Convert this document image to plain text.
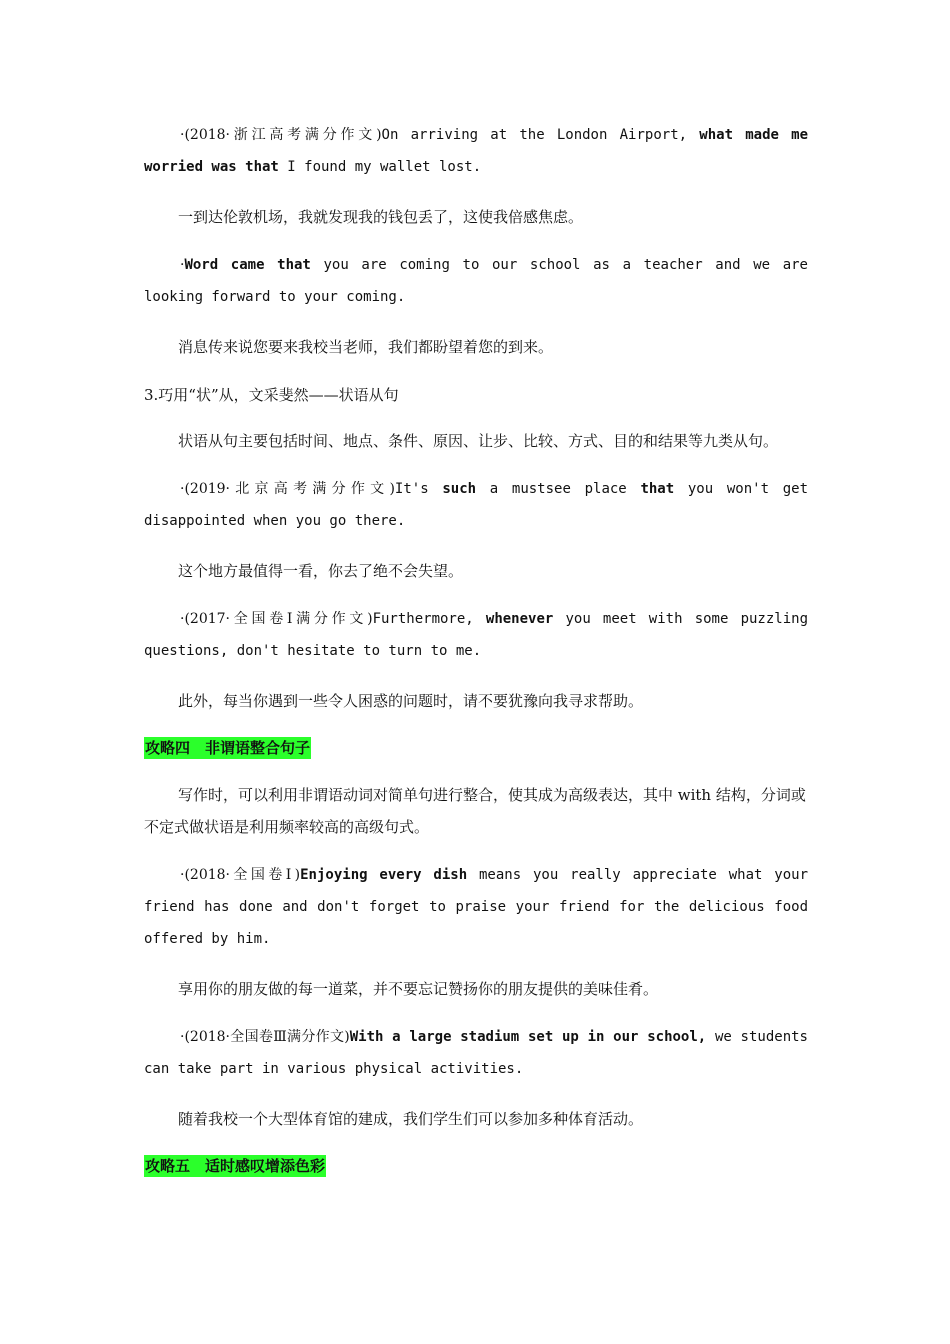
·(2018·浙江高考满分作文)On arriving at the London Airport, what made me worried was that I found my wallet lost.

一到达伦敦机场，我就发现我的钱包丢了，这使我倍感焦虑。

·Word came that you are coming to our school as a teacher and we are looking forward to your coming.

消息传来说您要来我校当老师，我们都盼望着您的到来。

3.巧用“状”从，文采斐然——状语从句

状语从句主要包括时间、地点、条件、原因、让步、比较、方式、目的和结果等九类从句。

·(2019·北京高考满分作文)It's such a mustsee place that you won't get disappointed when you go there.

这个地方最值得一看，你去了绝不会失望。

·(2017·全国卷Ⅰ满分作文)Furthermore, whenever you meet with some puzzling questions, don't hesitate to turn to me.

此外，每当你遇到一些令人困惑的问题时，请不要犹豫向我寻求帮助。

攻略四　非谓语整合句子

写作时，可以利用非谓语动词对简单句进行整合，使其成为高级表达，其中 with 结构，分词或不定式做状语是利用频率较高的高级句式。

·(2018·全国卷Ⅰ)Enjoying every dish means you really appreciate what your friend has done and don't forget to praise your friend for the delicious food offered by him.

享用你的朋友做的每一道菜，并不要忘记赞扬你的朋友提供的美味佳肴。

·(2018·全国卷Ⅲ满分作文)With a large stadium set up in our school, we students can take part in various physical activities.

随着我校一个大型体育馆的建成，我们学生们可以参加多种体育活动。

攻略五　适时感叹增添色彩
